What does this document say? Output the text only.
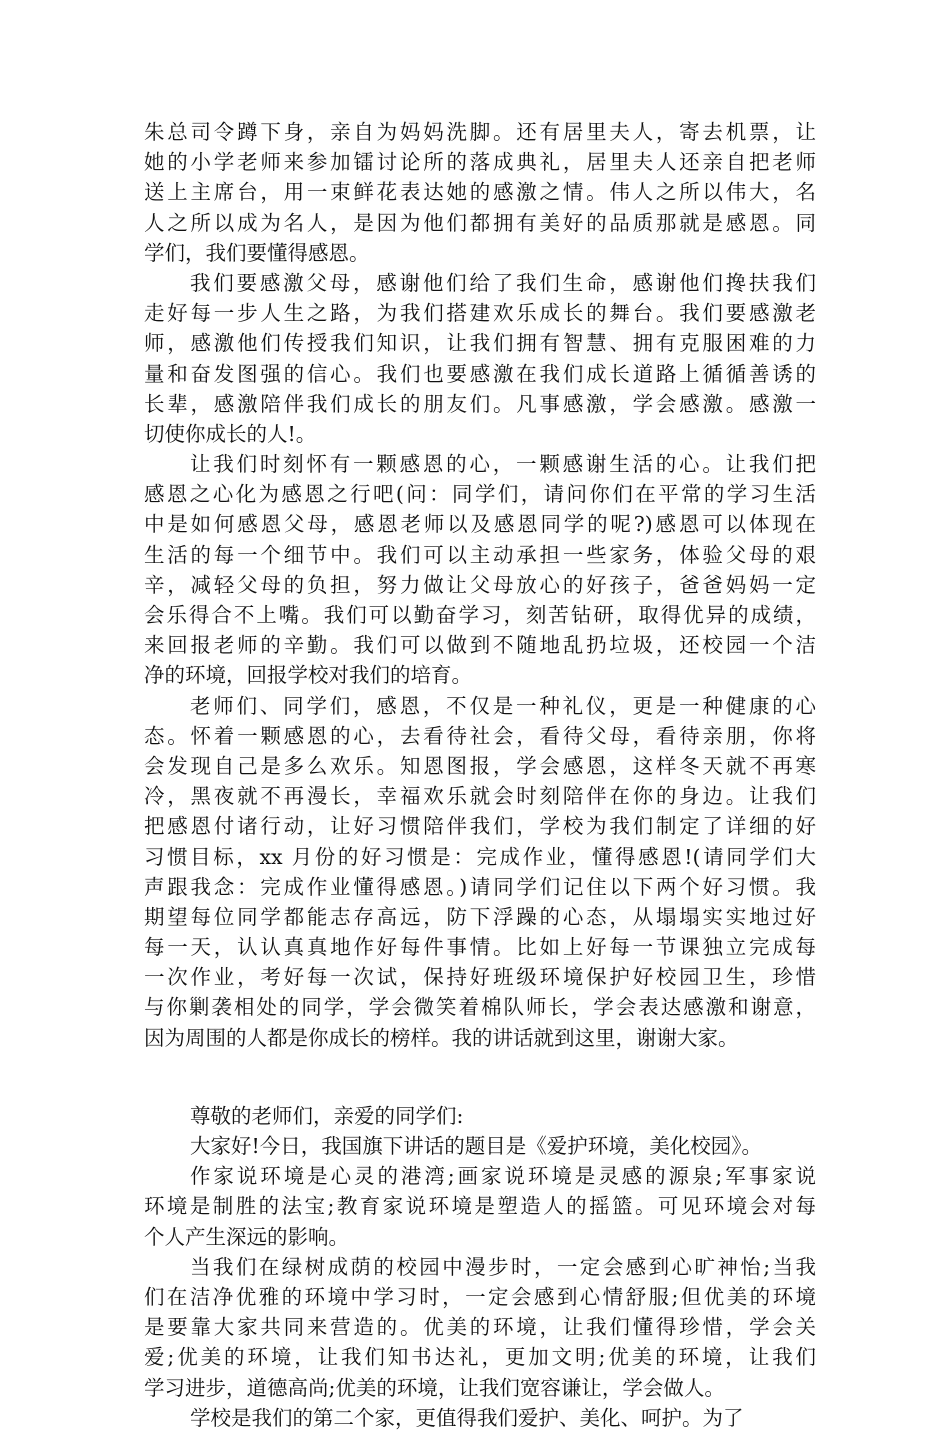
朱总司令蹲下身，亲自为妈妈洗脚。还有居里夫人，寄去机票，让
她的小学老师来参加镭讨论所的落成典礼，居里夫人还亲自把老师
送上主席台，用一束鲜花表达她的感激之情。伟人之所以伟大，名
人之所以成为名人，是因为他们都拥有美好的品质那就是感恩。同
学们，我们要懂得感恩。
我们要感激父母，感谢他们给了我们生命，感谢他们搀扶我们
走好每一步人生之路，为我们搭建欢乐成长的舞台。我们要感激老
师，感激他们传授我们知识，让我们拥有智慧、拥有克服困难的力
量和奋发图强的信心。我们也要感激在我们成长道路上循循善诱的
长辈，感激陪伴我们成长的朋友们。凡事感激，学会感激。感激一
切使你成长的人!。
让我们时刻怀有一颗感恩的心，一颗感谢生活的心。让我们把
感恩之心化为感恩之行吧(问：同学们，请问你们在平常的学习生活
中是如何感恩父母，感恩老师以及感恩同学的呢?)感恩可以体现在
生活的每一个细节中。我们可以主动承担一些家务，体验父母的艰
辛，减轻父母的负担，努力做让父母放心的好孩子，爸爸妈妈一定
会乐得合不上嘴。我们可以勤奋学习，刻苦钻研，取得优异的成绩，
来回报老师的辛勤。我们可以做到不随地乱扔垃圾，还校园一个洁
净的环境，回报学校对我们的培育。
老师们、同学们，感恩，不仅是一种礼仪，更是一种健康的心
态。怀着一颗感恩的心，去看待社会，看待父母，看待亲朋，你将
会发现自己是多么欢乐。知恩图报，学会感恩，这样冬天就不再寒
冷，黑夜就不再漫长，幸福欢乐就会时刻陪伴在你的身边。让我们
把感恩付诸行动，让好习惯陪伴我们，学校为我们制定了详细的好
习惯目标，xx 月份的好习惯是：完成作业，懂得感恩!(请同学们大
声跟我念：完成作业懂得感恩。)请同学们记住以下两个好习惯。我
期望每位同学都能志存高远，防下浮躁的心态，从塌塌实实地过好
每一天，认认真真地作好每件事情。比如上好每一节课独立完成每
一次作业，考好每一次试，保持好班级环境保护好校园卫生，珍惜
与你剿袭相处的同学，学会微笑着棉队师长，学会表达感激和谢意，
因为周围的人都是你成长的榜样。我的讲话就到这里，谢谢大家。
尊敬的老师们，亲爱的同学们:
大家好!今日，我国旗下讲话的题目是《爱护环境，美化校园》。
作家说环境是心灵的港湾;画家说环境是灵感的源泉;军事家说
环境是制胜的法宝;教育家说环境是塑造人的摇篮。可见环境会对每
个人产生深远的影响。
当我们在绿树成荫的校园中漫步时，一定会感到心旷神怡;当我
们在洁净优雅的环境中学习时，一定会感到心情舒服;但优美的环境
是要靠大家共同来营造的。优美的环境，让我们懂得珍惜，学会关
爱;优美的环境，让我们知书达礼，更加文明;优美的环境，让我们
学习进步，道德高尚;优美的环境，让我们宽容谦让，学会做人。
学校是我们的第二个家，更值得我们爱护、美化、呵护。为了
